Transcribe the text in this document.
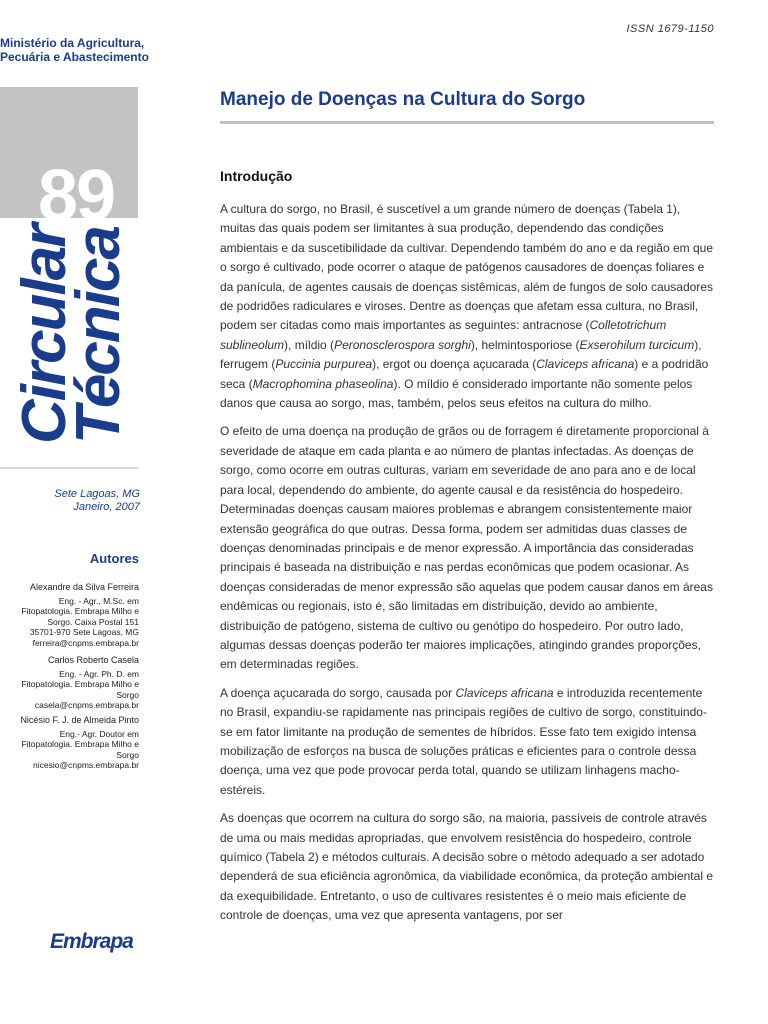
Ministério da Agricultura,
Pecuária e Abastecimento
ISSN 1679-1150
89
Circular
Técnica
Sete Lagoas, MG
Janeiro, 2007
Autores
Alexandre da Silva Ferreira
Eng. - Agr., M.Sc. em
Fitopatologia. Embrapa Milho e
Sorgo. Caixa Postal 151
35701-970 Sete Lagoas, MG
ferreira@cnpms.embrapa.br
Carlos Roberto Casela
Eng. - Agr. Ph. D. em
Fitopatologia. Embrapa Milho e
Sorgo
casela@cnpms.embrapa.br
Nicésio F. J. de Almeida Pinto
Eng.- Agr. Doutor em
Fitopatologia. Embrapa Milho e
Sorgo
nicesio@cnpms.embrapa.br
Embrapa
Manejo de Doenças na Cultura do Sorgo
Introdução

A cultura do sorgo, no Brasil, é suscetível a um grande número de doenças (Tabela 1), muitas das quais podem ser limitantes à sua produção, dependendo das condições ambientais e da suscetibilidade da cultivar. Dependendo também do ano e da região em que o sorgo é cultivado, pode ocorrer o ataque de patógenos causadores de doenças foliares e da panícula, de agentes causais de doenças sistêmicas, além de fungos de solo causadores de podridões radiculares e viroses. Dentre as doenças que afetam essa cultura, no Brasil, podem ser citadas como mais importantes as seguintes: antracnose (Colletotrichum sublineolum), míldio (Peronosclerospora sorghi), helmintosporiose (Exserohilum turcicum), ferrugem (Puccinia purpurea), ergot ou doença açucarada (Claviceps africana) e a podridão seca (Macrophomina phaseolina). O míldio é considerado importante não somente pelos danos que causa ao sorgo, mas, também, pelos seus efeitos na cultura do milho.

O efeito de uma doença na produção de grãos ou de forragem é diretamente proporcional à severidade de ataque em cada planta e ao número de plantas infectadas. As doenças de sorgo, como ocorre em outras culturas, variam em severidade de ano para ano e de local para local, dependendo do ambiente, do agente causal e da resistência do hospedeiro. Determinadas doenças causam maiores problemas e abrangem consistentemente maior extensão geográfica do que outras. Dessa forma, podem ser admitidas duas classes de doenças denominadas principais e de menor expressão. A importância das consideradas principais é baseada na distribuição e nas perdas econômicas que podem ocasionar. As doenças consideradas de menor expressão são aquelas que podem causar danos em áreas endêmicas ou regionais, isto é, são limitadas em distribuição, devido ao ambiente, distribuição de patógeno, sistema de cultivo ou genótipo do hospedeiro. Por outro lado, algumas dessas doenças poderão ter maiores implicações, atingindo grandes proporções, em determinadas regiões.

A doença açucarada do sorgo, causada por Claviceps africana e introduzida recentemente no Brasil, expandiu-se rapidamente nas principais regiões de cultivo de sorgo, constituindo-se em fator limitante na produção de sementes de híbridos. Esse fato tem exigido intensa mobilização de esforços na busca de soluções práticas e eficientes para o controle dessa doença, uma vez que pode provocar perda total, quando se utilizam linhagens macho-estéreis.

As doenças que ocorrem na cultura do sorgo são, na maioria, passíveis de controle através de uma ou mais medidas apropriadas, que envolvem resistência do hospedeiro, controle químico (Tabela 2) e métodos culturais. A decisão sobre o método adequado a ser adotado dependerá de sua eficiência agronômica, da viabilidade econômica, da proteção ambiental e da exequibilidade. Entretanto, o uso de cultivares resistentes é o meio mais eficiente de controle de doenças, uma vez que apresenta vantagens, por ser
